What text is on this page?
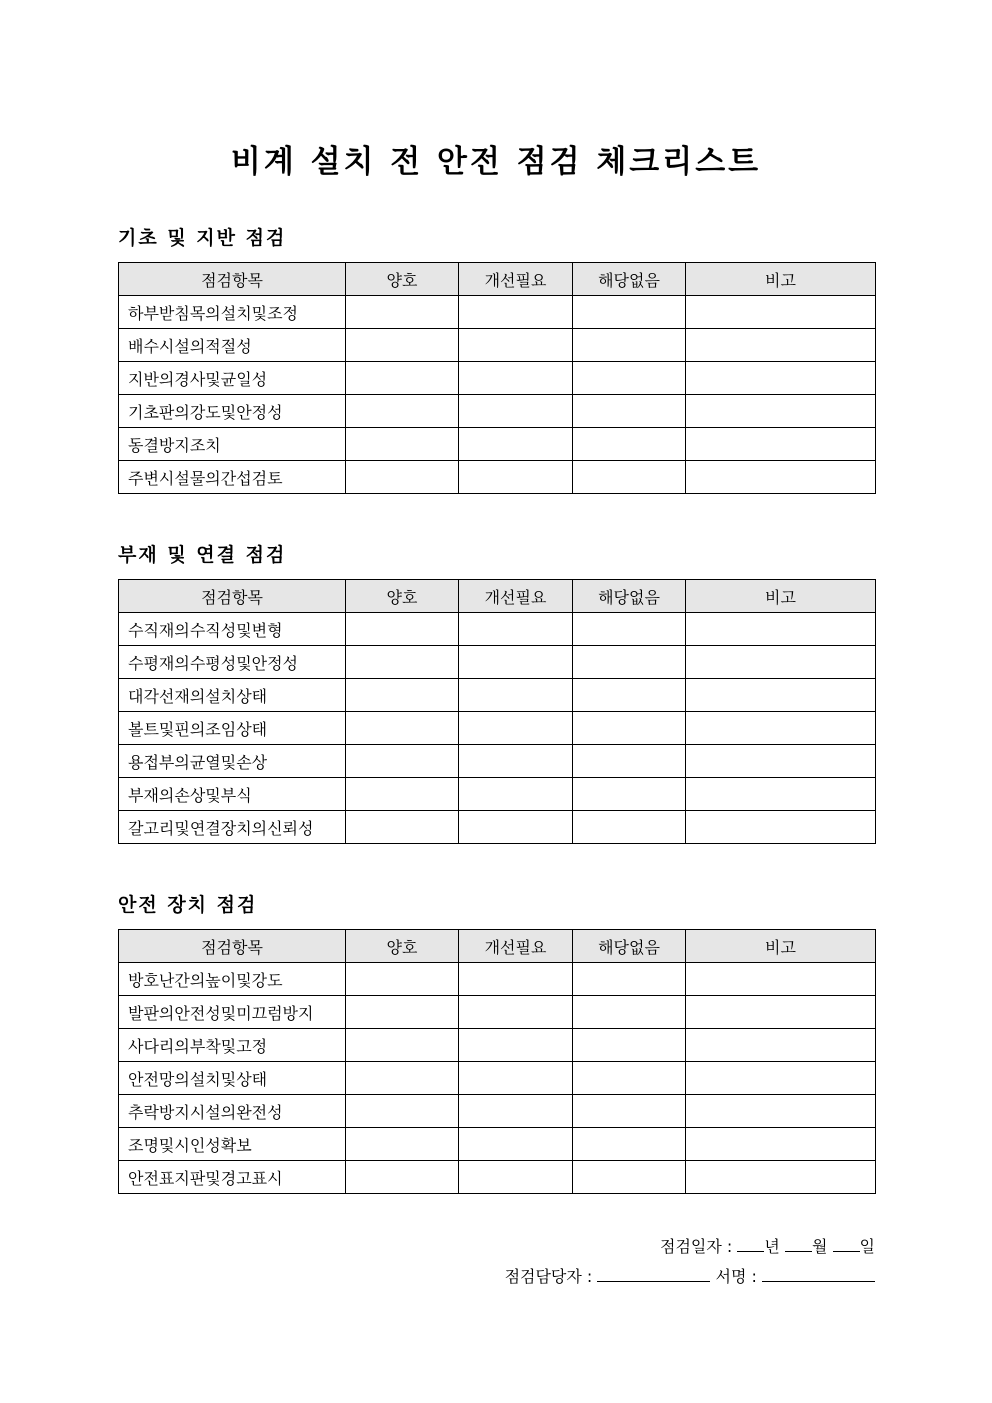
비계 설치 전 안전 점검 체크리스트
기초 및 지반 점검
점검항목	양호	개선필요	해당없음	비고
하부받침목의설치및조정				
배수시설의적절성				
지반의경사및균일성				
기초판의강도및안정성				
동결방지조치				
주변시설물의간섭검토				
부재 및 연결 점검
점검항목	양호	개선필요	해당없음	비고
수직재의수직성및변형				
수평재의수평성및안정성				
대각선재의설치상태				
볼트및핀의조임상태				
용접부의균열및손상				
부재의손상및부식				
갈고리및연결장치의신뢰성				
안전 장치 점검
점검항목	양호	개선필요	해당없음	비고
방호난간의높이및강도				
발판의안전성및미끄럼방지				
사다리의부착및고정				
안전망의설치및상태				
추락방지시설의완전성				
조명및시인성확보				
안전표지판및경고표시				
점검일자 : 년 월 일
점검담당자 :	서명 :
